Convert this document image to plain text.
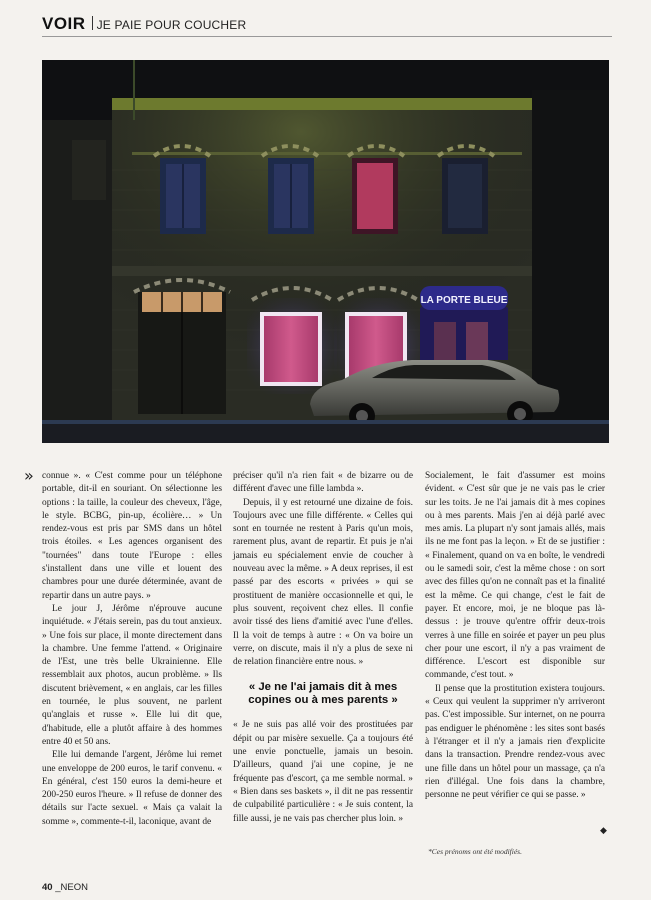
VOIR JE PAIE POUR COUCHER
LA PORTE BLEUE
» connue ». « C'est comme pour un téléphone portable, dit-il en souriant. On sélectionne les options : la taille, la couleur des cheveux, l'âge, le style. BCBG, pin-up, écolière… » Un rendez-vous est pris par SMS dans un hôtel trois étoiles. « Les agences organisent des "tournées" dans toute l'Europe : elles s'installent dans une ville et louent des chambres pour une durée déterminée, avant de repartir dans un autre pays. »

Le jour J, Jérôme n'éprouve aucune inquiétude. « J'étais serein, pas du tout anxieux. » Une fois sur place, il monte directement dans la chambre. Une femme l'attend. « Originaire de l'Est, une très belle Ukrainienne. Elle ressemblait aux photos, aucun problème. » Ils discutent brièvement, « en anglais, car les filles en tournée, le plus souvent, ne parlent qu'anglais et russe ». Elle lui dit que, d'habitude, elle a plutôt affaire à des hommes entre 40 et 50 ans.

Elle lui demande l'argent, Jérôme lui remet une enveloppe de 200 euros, le tarif convenu. « En général, c'est 150 euros la demi-heure et 200-250 euros l'heure. » Il refuse de donner des détails sur l'acte sexuel. « Mais ça valait la somme », commente-t-il, laconique, avant de

préciser qu'il n'a rien fait « de bizarre ou de différent d'avec une fille lambda ».

Depuis, il y est retourné une dizaine de fois. Toujours avec une fille différente. « Celles qui sont en tournée ne restent à Paris qu'un mois, rarement plus, avant de repartir. Et puis je n'ai jamais eu spécialement envie de coucher à nouveau avec la même. » A deux reprises, il est passé par des escorts « privées » qui se prostituent de manière occasionnelle et qui, le plus souvent, reçoivent chez elles. Il confie avoir tissé des liens d'amitié avec l'une d'elles. Il la voit de temps à autre : « On va boire un verre, on discute, mais il n'y a plus de sexe ni de relation financière entre nous. »

« Je ne l'ai jamais dit à mes copines ou à mes parents »

« Je ne suis pas allé voir des prostituées par dépit ou par misère sexuelle. Ça a toujours été une envie ponctuelle, jamais un besoin. D'ailleurs, quand j'ai une copine, je ne fréquente pas d'escort, ça me semble normal. » « Bien dans ses baskets », il dit ne pas ressentir de culpabilité particulière : « Je suis content, la fille aussi, je ne vais pas chercher plus loin. »

Socialement, le fait d'assumer est moins évident. « C'est sûr que je ne vais pas le crier sur les toits. Je ne l'ai jamais dit à mes copines ou à mes parents. Mais j'en ai déjà parlé avec mes amis. La plupart n'y sont jamais allés, mais ils ne me font pas la leçon. » Et de se justifier : « Finalement, quand on va en boîte, le vendredi ou le samedi soir, c'est la même chose : on sort avec des filles qu'on ne connaît pas et la finalité est la même. Ce qui change, c'est le fait de payer. Et encore, moi, je ne bloque pas là-dessus : je trouve qu'entre offrir deux-trois verres à une fille en soirée et payer un peu plus cher pour une escort, il n'y a pas vraiment de différence. L'escort est disponible sur commande, c'est tout. »

Il pense que la prostitution existera toujours. « Ceux qui veulent la supprimer n'y arriveront pas. C'est impossible. Sur internet, on ne pourra pas endiguer le phénomène : les sites sont basés à l'étranger et il n'y a jamais rien d'explicite dans la transaction. Prendre rendez-vous avec une fille dans un hôtel pour un massage, ça n'a rien d'illégal. Une fois dans la chambre, personne ne peut vérifier ce qui se passe. »

◆
*Ces prénoms ont été modifiés.
40 _NEON
